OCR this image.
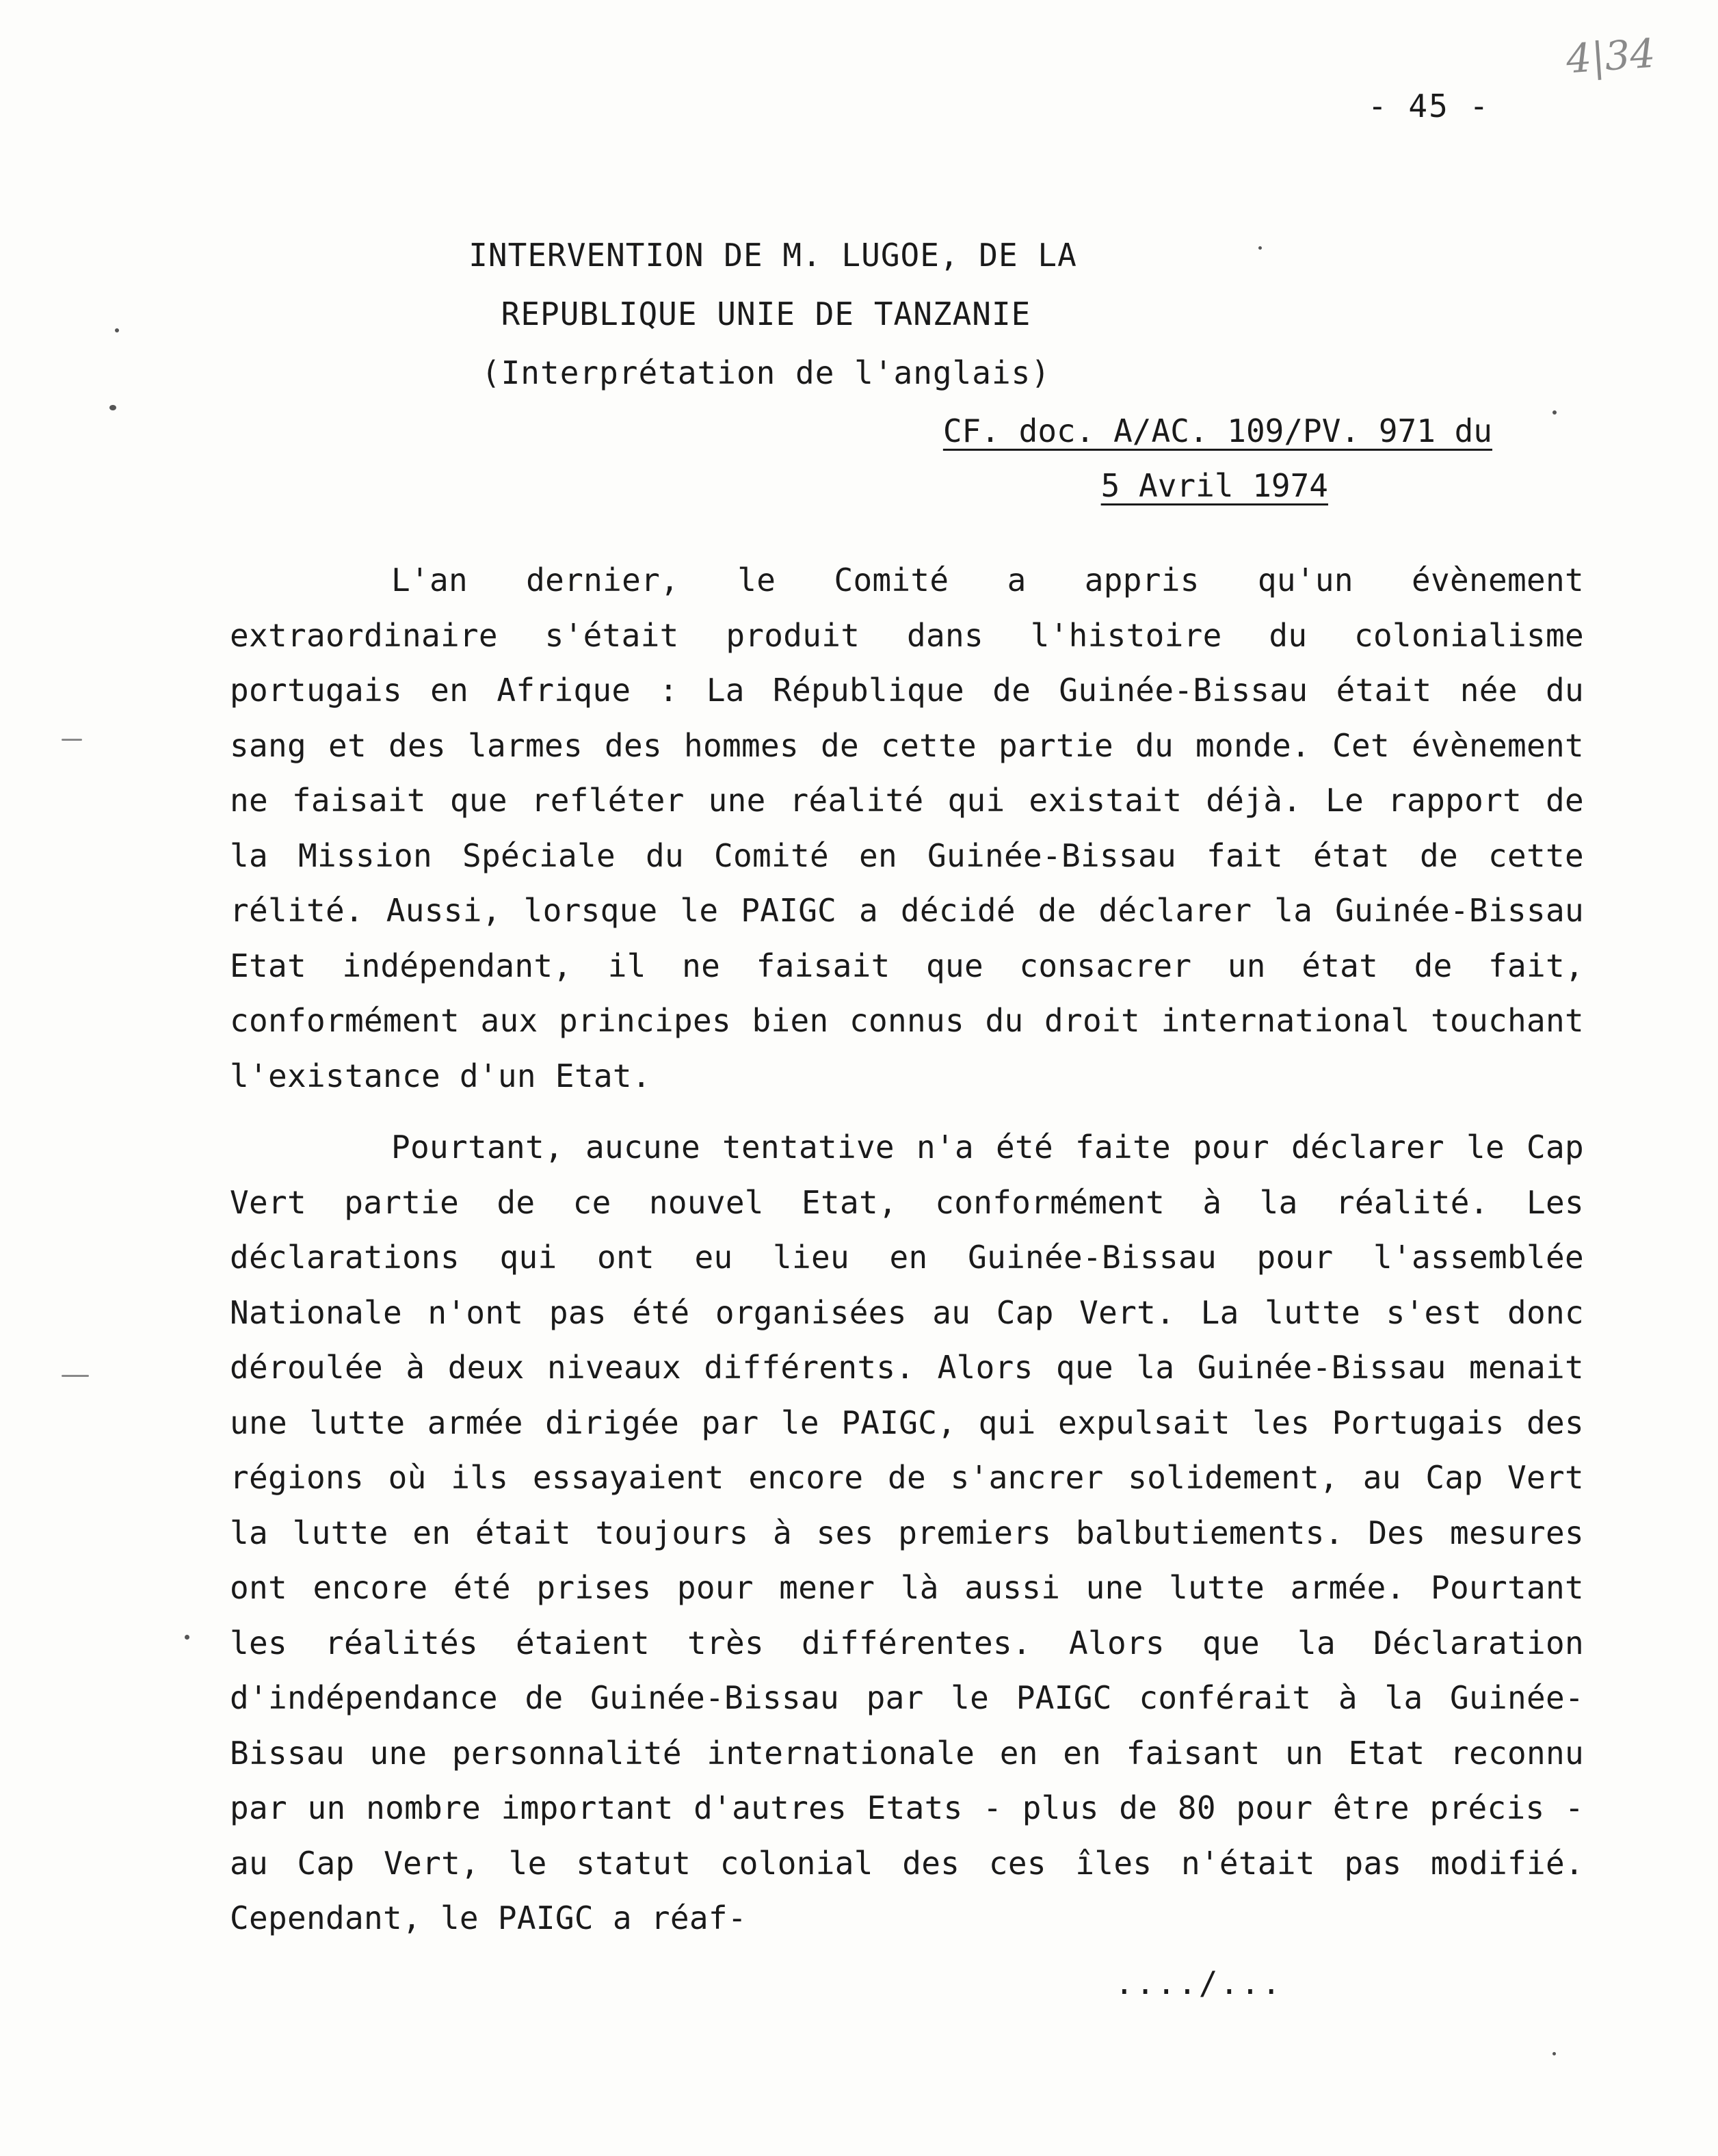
- 45 -
4|34
INTERVENTION DE M. LUGOE, DE LA
REPUBLIQUE UNIE DE TANZANIE
(Interprétation de l'anglais)
CF. doc. A/AC. 109/PV. 971 du
5 Avril 1974

L'an dernier, le Comité a appris qu'un évènement extraordinaire s'était produit dans l'histoire du colonialisme portugais en Afrique : La République de Guinée-Bissau était née du sang et des larmes des hommes de cette partie du monde. Cet évènement ne faisait que refléter une réalité qui existait déjà. Le rapport de la Mission Spéciale du Comité en Guinée-Bissau fait état de cette rélité. Aussi, lorsque le PAIGC a décidé de déclarer la Guinée-Bissau Etat indépendant, il ne faisait que consacrer un état de fait, conformément aux principes bien connus du droit international touchant l'existance d'un Etat.

Pourtant, aucune tentative n'a été faite pour déclarer le Cap Vert partie de ce nouvel Etat, conformément à la réalité. Les déclarations qui ont eu lieu en Guinée-Bissau pour l'assemblée Nationale n'ont pas été organisées au Cap Vert. La lutte s'est donc déroulée à deux niveaux différents. Alors que la Guinée-Bissau menait une lutte armée dirigée par le PAIGC, qui expulsait les Portugais des régions où ils essayaient encore de s'ancrer solidement, au Cap Vert la lutte en était toujours à ses premiers balbutiements. Des mesures ont encore été prises pour mener là aussi une lutte armée. Pourtant les réalités étaient très différentes. Alors que la Déclaration d'indépendance de Guinée-Bissau par le PAIGC conférait à la Guinée-Bissau une personnalité internationale en en faisant un Etat reconnu par un nombre important d'autres Etats - plus de 80 pour être précis - au Cap Vert, le statut colonial des ces îles n'était pas modifié. Cependant, le PAIGC a réaf-

..../...
